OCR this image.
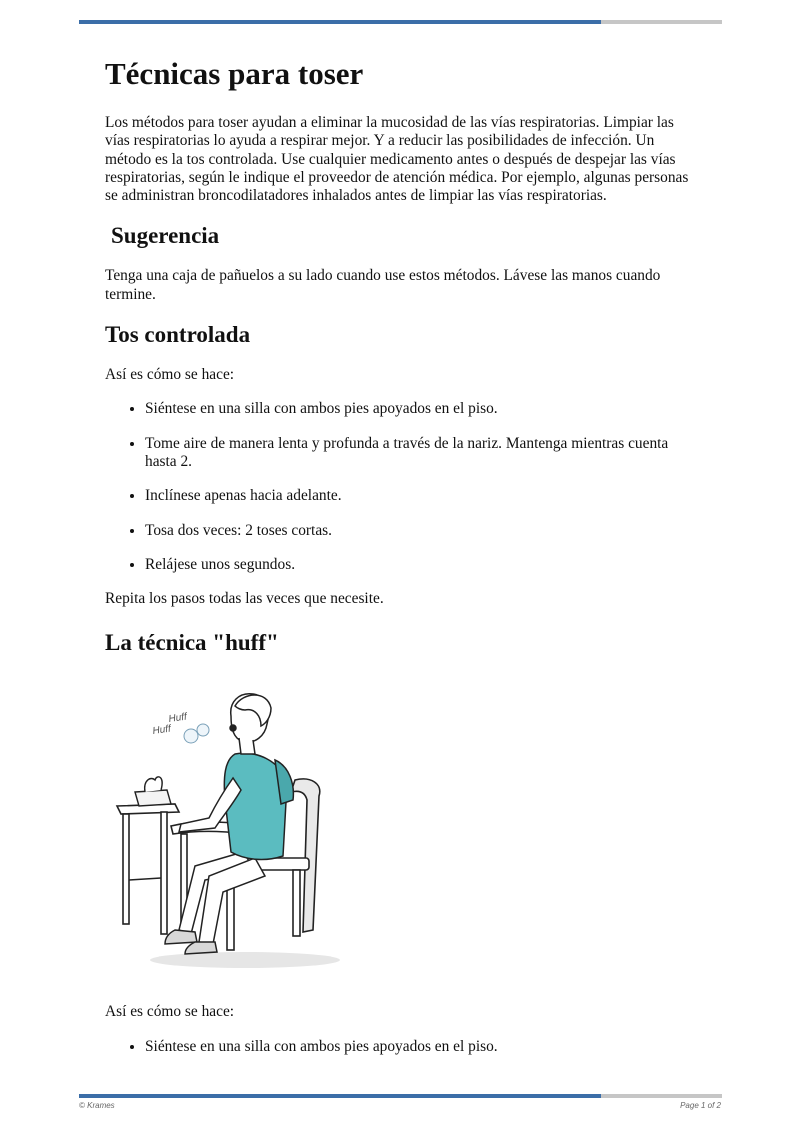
Técnicas para toser

Los métodos para toser ayudan a eliminar la mucosidad de las vías respiratorias. Limpiar las vías respiratorias lo ayuda a respirar mejor. Y a reducir las posibilidades de infección. Un método es la tos controlada. Use cualquier medicamento antes o después de despejar las vías respiratorias, según le indique el proveedor de atención médica. Por ejemplo, algunas personas se administran broncodilatadores inhalados antes de limpiar las vías respiratorias.

Sugerencia

Tenga una caja de pañuelos a su lado cuando use estos métodos. Lávese las manos cuando termine.

Tos controlada

Así es cómo se hace:

• Siéntese en una silla con ambos pies apoyados en el piso.
• Tome aire de manera lenta y profunda a través de la nariz. Mantenga mientras cuenta hasta 2.
• Inclínese apenas hacia adelante.
• Tosa dos veces: 2 toses cortas.
• Relájese unos segundos.

Repita los pasos todas las veces que necesite.

La técnica "huff"
Huff
Huff

Así es cómo se hace:

• Siéntese en una silla con ambos pies apoyados en el piso.
© Krames	Page 1 of 2
